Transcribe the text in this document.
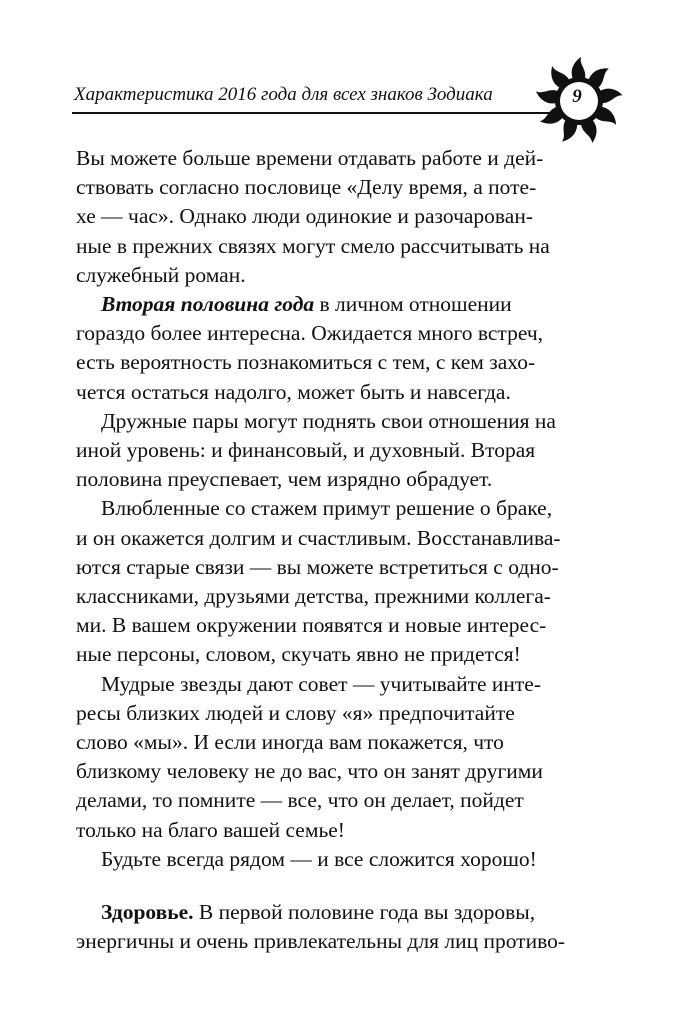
Характеристика 2016 года для всех знаков Зодиака	9

Вы можете больше времени отдавать работе и дей-
ствовать согласно пословице «Делу время, а поте-
хе — час». Однако люди одинокие и разочарован-
ные в прежних связях могут смело рассчитывать на
служебный роман.

Вторая половина года в личном отношении
гораздо более интересна. Ожидается много встреч,
есть вероятность познакомиться с тем, с кем захо-
чется остаться надолго, может быть и навсегда.

Дружные пары могут поднять свои отношения на
иной уровень: и финансовый, и духовный. Вторая
половина преуспевает, чем изрядно обрадует.

Влюбленные со стажем примут решение о браке,
и он окажется долгим и счастливым. Восстанавлива-
ются старые связи — вы можете встретиться с одно-
классниками, друзьями детства, прежними коллега-
ми. В вашем окружении появятся и новые интерес-
ные персоны, словом, скучать явно не придется!

Мудрые звезды дают совет — учитывайте инте-
ресы близких людей и слову «я» предпочитайте
слово «мы». И если иногда вам покажется, что
близкому человеку не до вас, что он занят другими
делами, то помните — все, что он делает, пойдет
только на благо вашей семье!

Будьте всегда рядом — и все сложится хорошо!

Здоровье. В первой половине года вы здоровы,
энергичны и очень привлекательны для лиц противо-
